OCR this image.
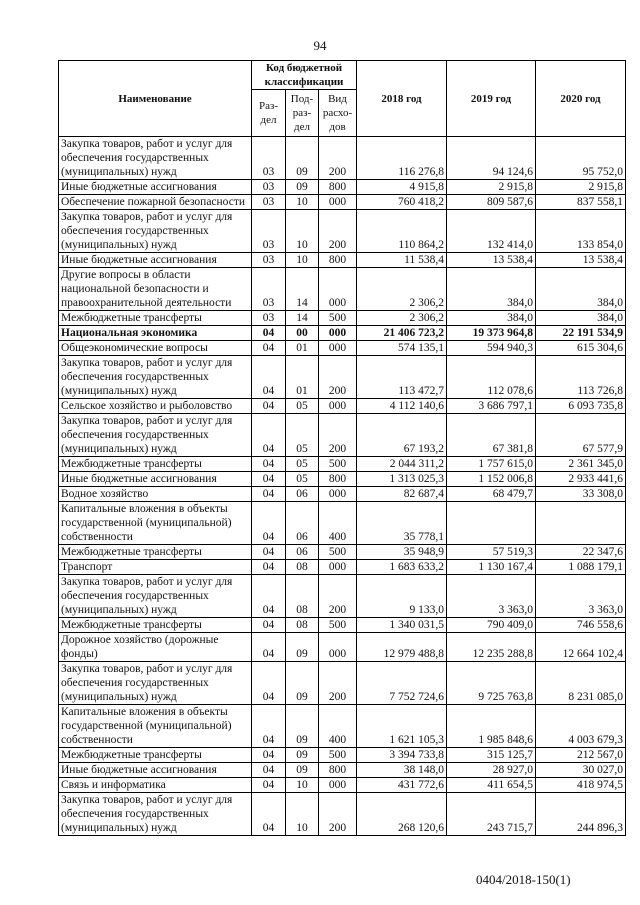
94
Наименование	Код бюджетной классификации			2018 год	2019 год	2020 год
	Раз-дел	Под-раз-дел	Вид расхо-дов			
Закупка товаров, работ и услуг для обеспечения государственных (муниципальных) нужд	03	09	200	116 276,8	94 124,6	95 752,0
Иные бюджетные ассигнования	03	09	800	4 915,8	2 915,8	2 915,8
Обеспечение пожарной безопасности	03	10	000	760 418,2	809 587,6	837 558,1
Закупка товаров, работ и услуг для обеспечения государственных (муниципальных) нужд	03	10	200	110 864,2	132 414,0	133 854,0
Иные бюджетные ассигнования	03	10	800	11 538,4	13 538,4	13 538,4
Другие вопросы в области национальной безопасности и правоохранительной деятельности	03	14	000	2 306,2	384,0	384,0
Межбюджетные трансферты	03	14	500	2 306,2	384,0	384,0
Национальная экономика	04	00	000	21 406 723,2	19 373 964,8	22 191 534,9
Общеэкономические вопросы	04	01	000	574 135,1	594 940,3	615 304,6
Закупка товаров, работ и услуг для обеспечения государственных (муниципальных) нужд	04	01	200	113 472,7	112 078,6	113 726,8
Сельское хозяйство и рыболовство	04	05	000	4 112 140,6	3 686 797,1	6 093 735,8
Закупка товаров, работ и услуг для обеспечения государственных (муниципальных) нужд	04	05	200	67 193,2	67 381,8	67 577,9
Межбюджетные трансферты	04	05	500	2 044 311,2	1 757 615,0	2 361 345,0
Иные бюджетные ассигнования	04	05	800	1 313 025,3	1 152 006,8	2 933 441,6
Водное хозяйство	04	06	000	82 687,4	68 479,7	33 308,0
Капитальные вложения в объекты государственной (муниципальной) собственности	04	06	400	35 778,1		
Межбюджетные трансферты	04	06	500	35 948,9	57 519,3	22 347,6
Транспорт	04	08	000	1 683 633,2	1 130 167,4	1 088 179,1
Закупка товаров, работ и услуг для обеспечения государственных (муниципальных) нужд	04	08	200	9 133,0	3 363,0	3 363,0
Межбюджетные трансферты	04	08	500	1 340 031,5	790 409,0	746 558,6
Дорожное хозяйство (дорожные фонды)	04	09	000	12 979 488,8	12 235 288,8	12 664 102,4
Закупка товаров, работ и услуг для обеспечения государственных (муниципальных) нужд	04	09	200	7 752 724,6	9 725 763,8	8 231 085,0
Капитальные вложения в объекты государственной (муниципальной) собственности	04	09	400	1 621 105,3	1 985 848,6	4 003 679,3
Межбюджетные трансферты	04	09	500	3 394 733,8	315 125,7	212 567,0
Иные бюджетные ассигнования	04	09	800	38 148,0	28 927,0	30 027,0
Связь и информатика	04	10	000	431 772,6	411 654,5	418 974,5
Закупка товаров, работ и услуг для обеспечения государственных (муниципальных) нужд	04	10	200	268 120,6	243 715,7	244 896,3
0404/2018-150(1)
